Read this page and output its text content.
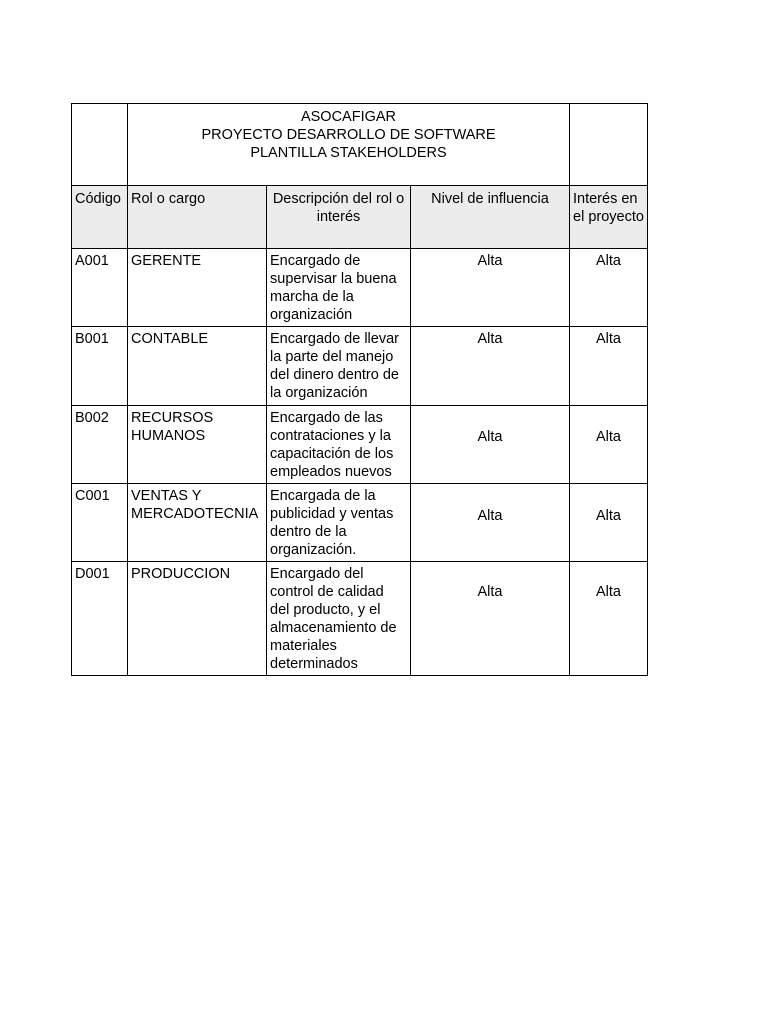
	ASOCAFIGAR
PROYECTO DESARROLLO DE SOFTWARE
PLANTILLA STAKEHOLDERS			

Código	Rol o cargo	Descripción del rol o interés	Nivel de influencia	Interés en el proyecto
A001	GERENTE	Encargado de supervisar la buena marcha de la organización	Alta	Alta
B001	CONTABLE	Encargado de llevar la parte del manejo del dinero dentro de la organización	Alta	Alta
B002	RECURSOS HUMANOS	Encargado de las contrataciones y la capacitación de los empleados nuevos	Alta	Alta
C001	VENTAS Y MERCADOTECNIA	Encargada de la publicidad y ventas dentro de la organización.	Alta	Alta
D001	PRODUCCION	Encargado del control de calidad del producto, y el almacenamiento de materiales determinados	Alta	Alta
